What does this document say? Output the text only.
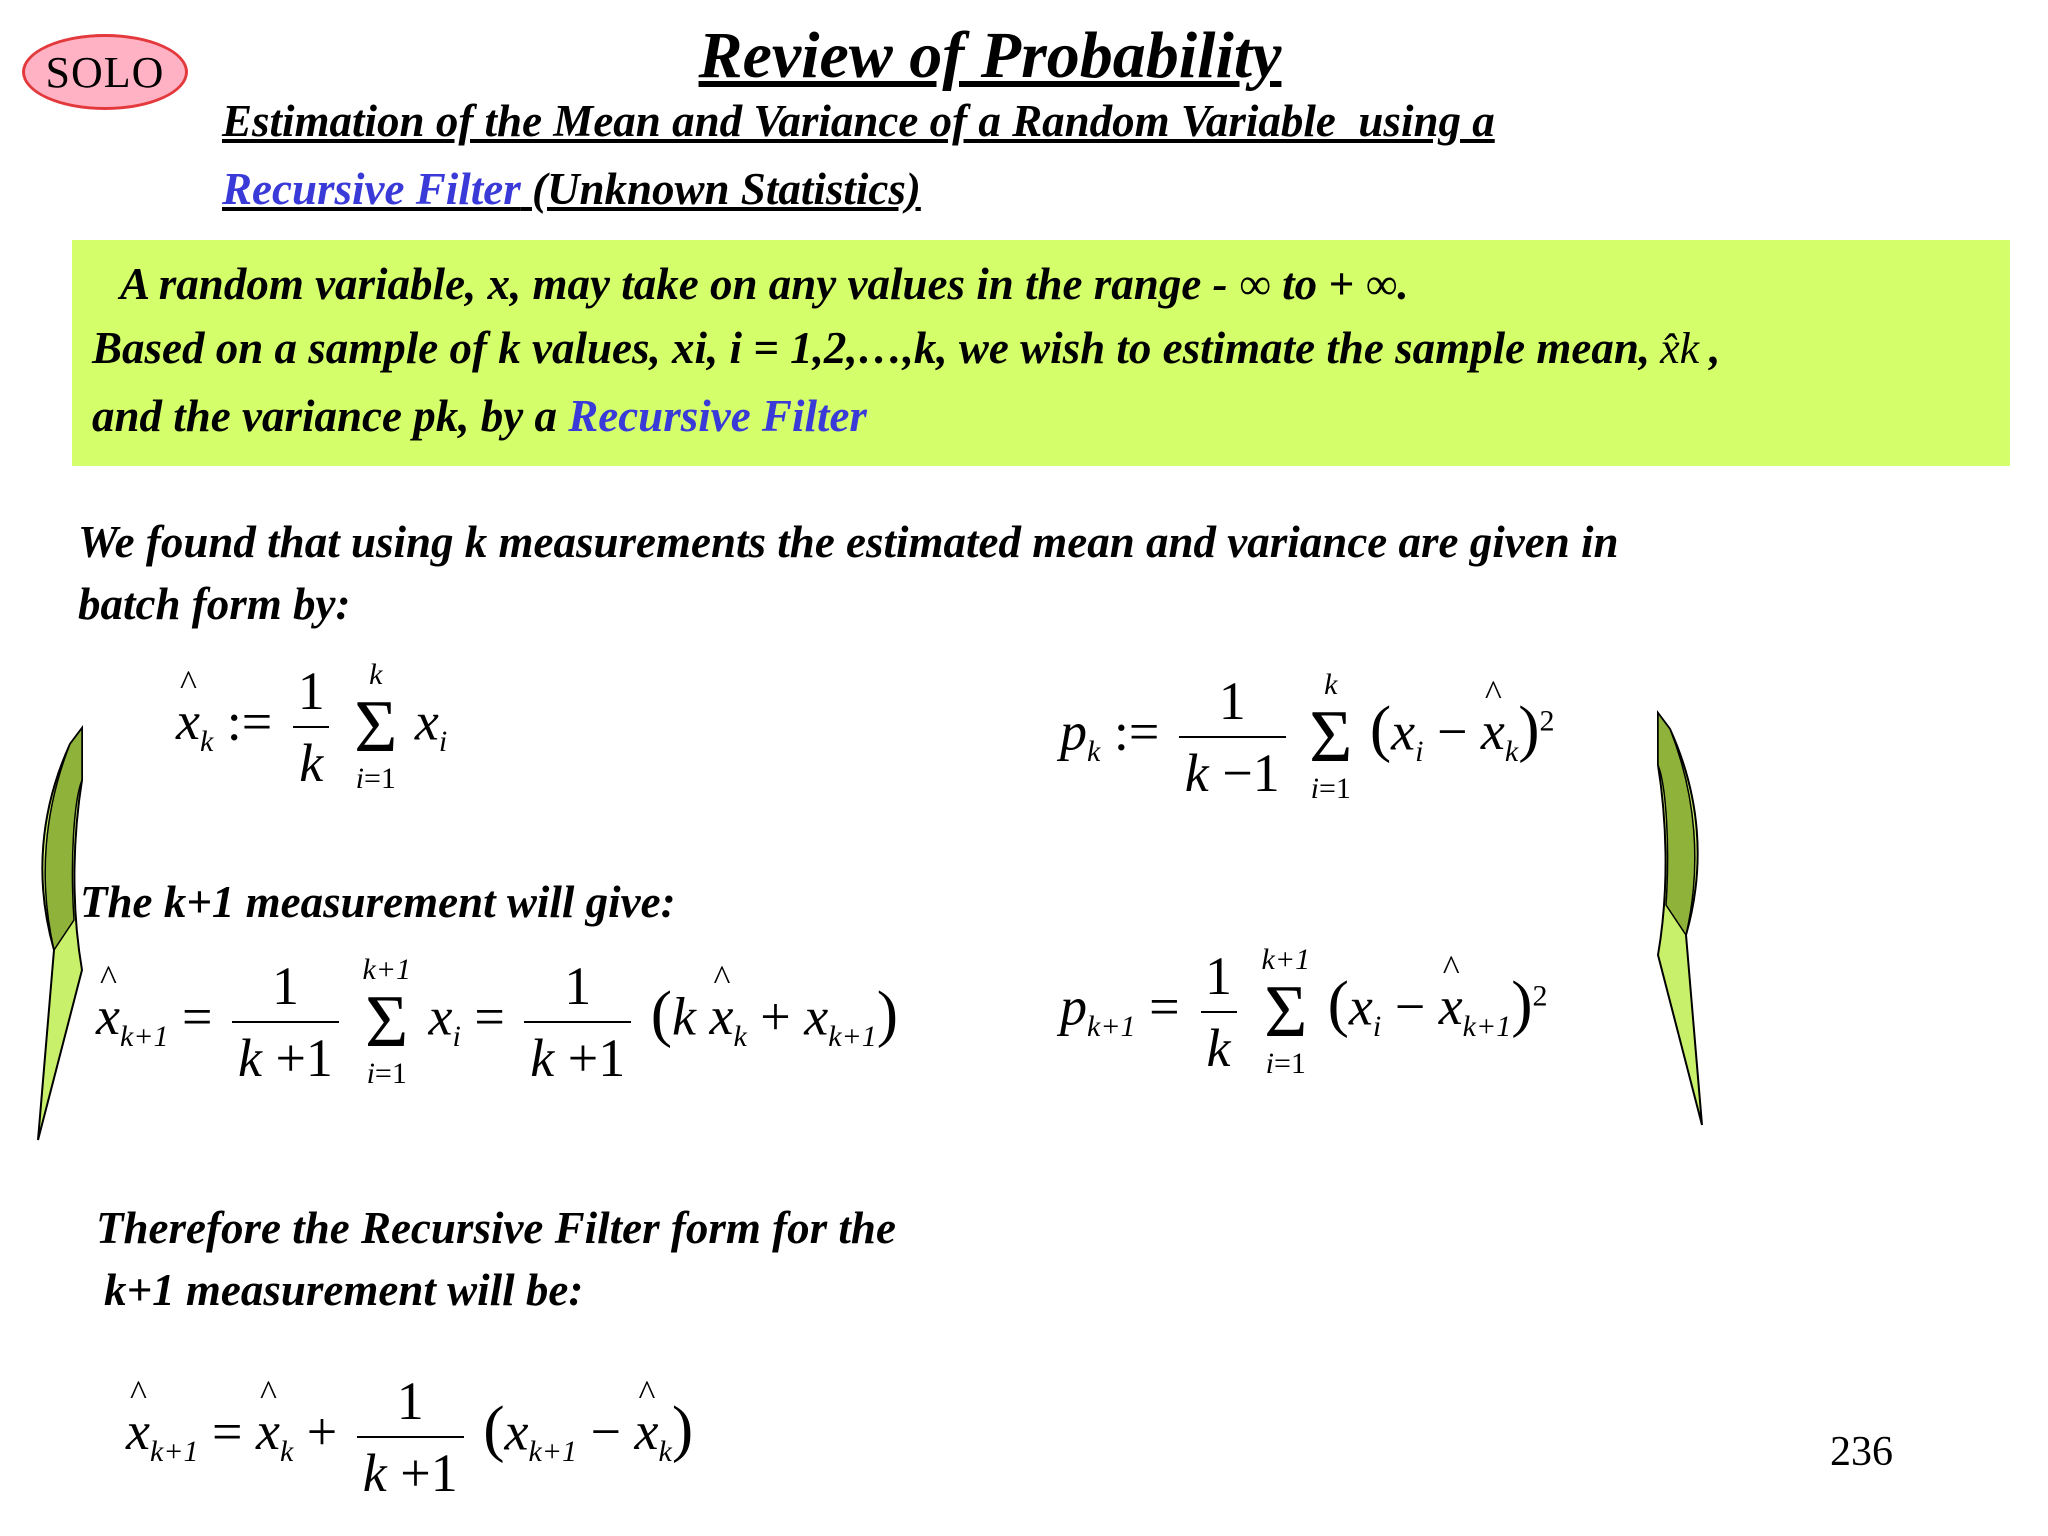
SOLO	Review of Probability
Estimation of the Mean and Variance of a Random Variable_using a
Recursive Filter (Unknown Statistics)
A random variable, x, may take on any values in the range - ∞ to + ∞.
Based on a sample of k values, xi, i = 1,2,…,k, we wish to estimate the sample mean, x̂k ,
and the variance pk, by a Recursive Filter
We found that using k measurements the estimated mean and variance are given in
batch form by:
The k+1 measurement will give:
Therefore the Recursive Filter form for the
k+1 measurement will be:
^ $x_k$ := $\frac{1}{k}$
k
Σ
i=1
$x_i$	$p_k$ := $\frac{1}{k -1}$
k
Σ
i=1
($x_i$ − ^ $x_k)^2$
^ $x_{k+1} = \frac{1}{k +1}$
k+1
Σ
i=1
$x_i = \frac{1}{k +1} (k$ ^ $x_k + x_{k+1}$)	$p_{k+1} = \frac{1}{k}$
k+1
Σ
i=1
($x_i$ − ^ $x_{k+1})^2$
^ $x_{k+1}$ = ^ $x_k + \frac{1}{k +1} (x_{k+1}$ − ^ $x_k$)	236
